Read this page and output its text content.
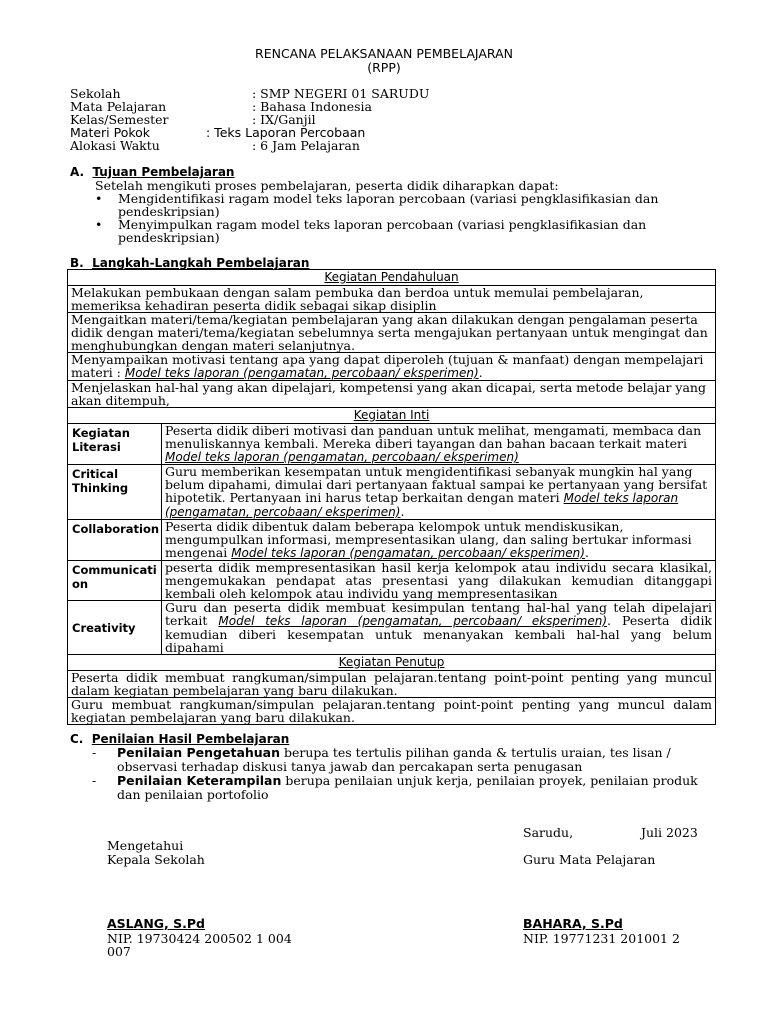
RENCANA PELAKSANAAN PEMBELAJARAN
(RPP)
Sekolah	: SMP NEGERI 01 SARUDU
Mata Pelajaran	: Bahasa Indonesia
Kelas/Semester	: IX/Ganjil
Materi Pokok	: Teks Laporan Percobaan
Alokasi Waktu	: 6 Jam Pelajaran
A. Tujuan Pembelajaran
Setelah mengikuti proses pembelajaran, peserta didik diharapkan dapat:
• Mengidentifikasi ragam model teks laporan percobaan (variasi pengklasifikasian dan pendeskripsian)
• Menyimpulkan ragam model teks laporan percobaan (variasi pengklasifikasian dan pendeskripsian)
B. Langkah-Langkah Pembelajaran
Kegiatan Pendahuluan	
Melakukan pembukaan dengan salam pembuka dan berdoa untuk memulai pembelajaran, memeriksa kehadiran peserta didik sebagai sikap disiplin	
Mengaitkan materi/tema/kegiatan pembelajaran yang akan dilakukan dengan pengalaman peserta didik dengan materi/tema/kegiatan sebelumnya serta mengajukan pertanyaan untuk mengingat dan menghubungkan dengan materi selanjutnya.	
Menyampaikan motivasi tentang apa yang dapat diperoleh (tujuan & manfaat) dengan mempelajari materi : Model teks laporan (pengamatan, percobaan/ eksperimen).	
Menjelaskan hal-hal yang akan dipelajari, kompetensi yang akan dicapai, serta metode belajar yang akan ditempuh,	
Kegiatan Inti	
Kegiatan Literasi	Peserta didik diberi motivasi dan panduan untuk melihat, mengamati, membaca dan menuliskannya kembali. Mereka diberi tayangan dan bahan bacaan terkait materi Model teks laporan (pengamatan, percobaan/ eksperimen)
Critical Thinking	Guru memberikan kesempatan untuk mengidentifikasi sebanyak mungkin hal yang belum dipahami, dimulai dari pertanyaan faktual sampai ke pertanyaan yang bersifat hipotetik. Pertanyaan ini harus tetap berkaitan dengan materi Model teks laporan (pengamatan, percobaan/ eksperimen).
Collaboration	Peserta didik dibentuk dalam beberapa kelompok untuk mendiskusikan, mengumpulkan informasi, mempresentasikan ulang, dan saling bertukar informasi mengenai Model teks laporan (pengamatan, percobaan/ eksperimen).
Communication	peserta didik mempresentasikan hasil kerja kelompok atau individu secara klasikal, mengemukakan pendapat atas presentasi yang dilakukan kemudian ditanggapi kembali oleh kelompok atau individu yang mempresentasikan
Creativity	Guru dan peserta didik membuat kesimpulan tentang hal-hal yang telah dipelajari terkait Model teks laporan (pengamatan, percobaan/ eksperimen). Peserta didik kemudian diberi kesempatan untuk menanyakan kembali hal-hal yang belum dipahami
Kegiatan Penutup	
Peserta didik membuat rangkuman/simpulan pelajaran.tentang point-point penting yang muncul dalam kegiatan pembelajaran yang baru dilakukan.	
Guru membuat rangkuman/simpulan pelajaran.tentang point-point penting yang muncul dalam kegiatan pembelajaran yang baru dilakukan.	
C. Penilaian Hasil Pembelajaran
- Penilaian Pengetahuan berupa tes tertulis pilihan ganda & tertulis uraian, tes lisan / observasi terhadap diskusi tanya jawab dan percakapan serta penugasan
- Penilaian Keterampilan berupa penilaian unjuk kerja, penilaian proyek, penilaian produk dan penilaian portofolio
Sarudu,	Juli 2023
Mengetahui
Kepala Sekolah	Guru Mata Pelajaran
ASLANG, S.Pd	BAHARA, S.Pd
NIP. 19730424 200502 1 004
007
NIP. 19771231 201001 2
